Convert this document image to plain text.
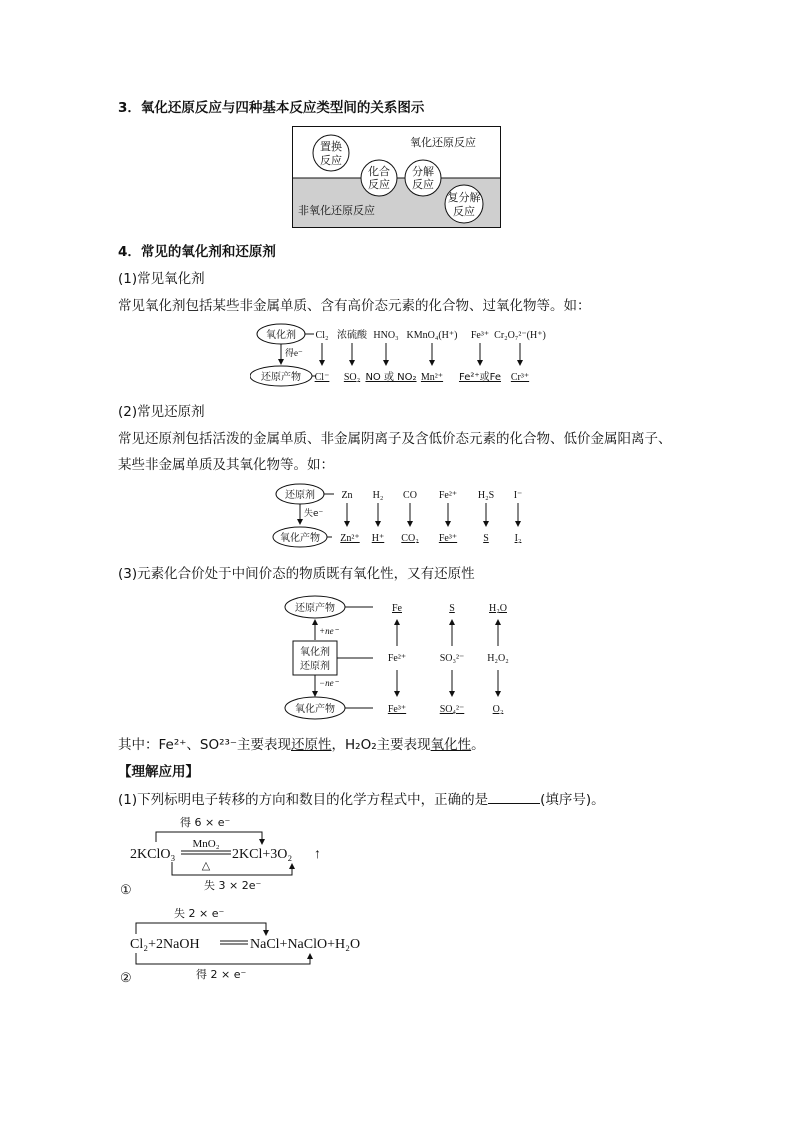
3．氧化还原反应与四种基本反应类型间的关系图示
氧化还原反应
非氧化还原反应
置换
反应
化合
反应
分解
反应
复分解
反应
4．常见的氧化剂和还原剂
(1)常见氧化剂
常见氧化剂包括某些非金属单质、含有高价态元素的化合物、过氧化物等。如：
氧化剂
得e⁻
还原产物
Cl₂
Cl⁻
浓硫酸
SO₂
HNO₃
NO 或 NO₂
KMnO₄(H⁺)
Mn²⁺
Fe³⁺
Fe²⁺或Fe
Cr₂O₇²⁻(H⁺)
Cr³⁺
(2)常见还原剂
常见还原剂包括活泼的金属单质、非金属阴离子及含低价态元素的化合物、低价金属阳离子、
某些非金属单质及其氧化物等。如：
还原剂
失e⁻
氧化产物
Zn
Zn²⁺
H₂
H⁺
CO
CO₂
Fe²⁺
Fe³⁺
H₂S
S
I⁻
I₂
(3)元素化合价处于中间价态的物质既有氧化性，又有还原性
还原产物
+ne⁻
氧化剂
还原剂
−ne⁻
氧化产物
Fe
Fe²⁺
Fe³⁺
S
SO₃²⁻
SO₄²⁻
H₂O
H₂O₂
O₂
其中：Fe²⁺、SO²³⁻主要表现还原性，H₂O₂主要表现氧化性。
【理解应用】
(1)下列标明电子转移的方向和数目的化学方程式中，正确的是	(填序号)。
得 6 × e⁻
2KClO₃
MnO₂
△
2KCl+3O₂ ↑
失 3 × 2e⁻
①
失 2 × e⁻
Cl₂+2NaOH	NaCl+NaClO+H₂O
得 2 × e⁻
②
